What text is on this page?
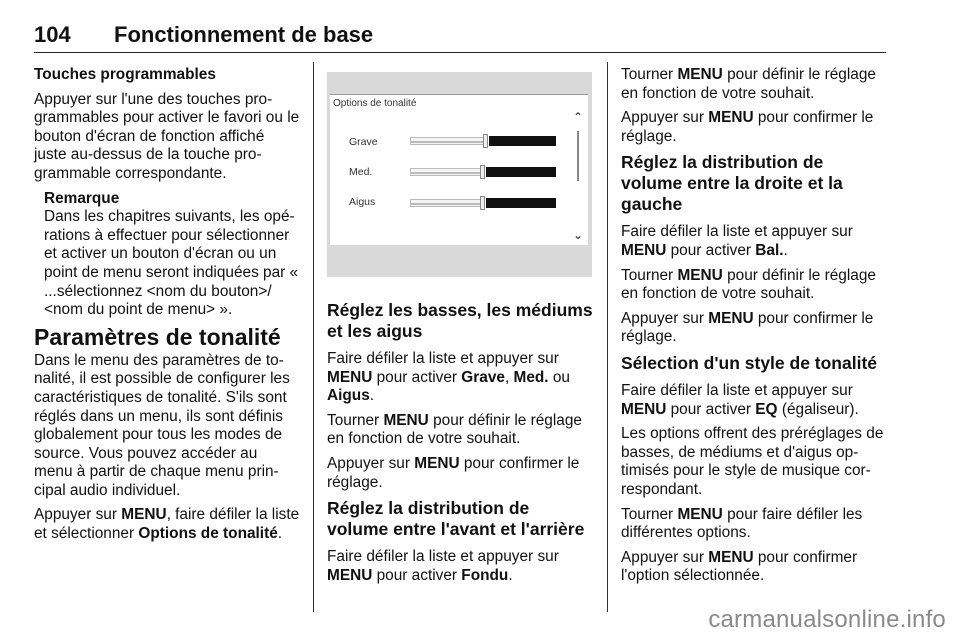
104 Fonctionnement de base

Touches programmables

Appuyer sur l'une des touches pro-grammables pour activer le favori ou le bouton d'écran de fonction affiché juste au-dessus de la touche pro-grammable correspondante.

Remarque
Dans les chapitres suivants, les opé-rations à effectuer pour sélectionner et activer un bouton d'écran ou un point de menu seront indiquées par « ...sélectionnez <nom du bouton>/ <nom du point de menu> ».
Paramètres de tonalité

Dans le menu des paramètres de to-nalité, il est possible de configurer les caractéristiques de tonalité. S'ils sont réglés dans un menu, ils sont définis globalement pour tous les modes de source. Vous pouvez accéder au menu à partir de chaque menu prin-cipal audio individuel.

Appuyer sur MENU, faire défiler la liste et sélectionner Options de tonalité.

⌃
⌄
Options de tonalité
Grave
Med.
Aigus
Réglez les basses, les médiums et les aigus

Faire défiler la liste et appuyer sur MENU pour activer Grave, Med. ou Aigus.

Tourner MENU pour définir le réglage en fonction de votre souhait.

Appuyer sur MENU pour confirmer le réglage.

Réglez la distribution de volume entre l'avant et l'arrière

Faire défiler la liste et appuyer sur MENU pour activer Fondu.

Tourner MENU pour définir le réglage en fonction de votre souhait.

Appuyer sur MENU pour confirmer le réglage.

Réglez la distribution de volume entre la droite et la gauche

Faire défiler la liste et appuyer sur MENU pour activer Bal..

Tourner MENU pour définir le réglage en fonction de votre souhait.

Appuyer sur MENU pour confirmer le réglage.

Sélection d'un style de tonalité

Faire défiler la liste et appuyer sur MENU pour activer EQ (égaliseur).

Les options offrent des préréglages de basses, de médiums et d'aigus op-timisés pour le style de musique cor-respondant.

Tourner MENU pour faire défiler les différentes options.

Appuyer sur MENU pour confirmer l'option sélectionnée.

carmanualsonline.info
